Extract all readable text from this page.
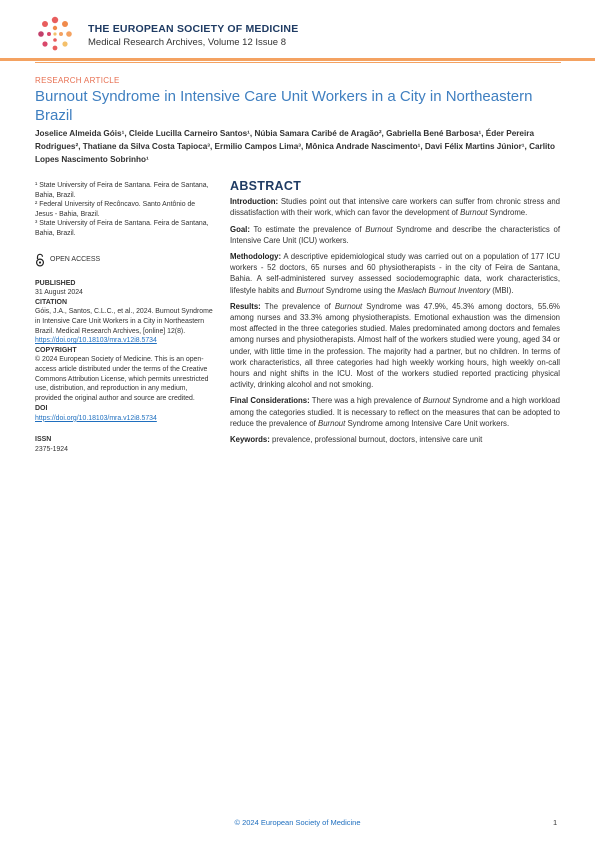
THE EUROPEAN SOCIETY OF MEDICINE
Medical Research Archives, Volume 12 Issue 8
RESEARCH ARTICLE
Burnout Syndrome in Intensive Care Unit Workers in a City in Northeastern Brazil
Joselice Almeida Góis¹, Cleide Lucilla Carneiro Santos¹, Núbia Samara Caribé de Aragão², Gabriella Bené Barbosa¹, Éder Pereira Rodrigues², Thatiane da Silva Costa Tapioca³, Ermilio Campos Lima³, Mônica Andrade Nascimento¹, Davi Félix Martins Júnior¹, Carlito Lopes Nascimento Sobrinho¹

¹ State University of Feira de Santana. Feira de Santana, Bahia, Brazil.

² Federal University of Recôncavo. Santo Antônio de Jesus - Bahia, Brazil.

³ State University of Feira de Santana. Feira de Santana, Bahia, Brazil.

OPEN ACCESS

PUBLISHED

31 August 2024

CITATION

Góis, J.A., Santos, C.L.C., et al., 2024. Burnout Syndrome in Intensive Care Unit Workers in a City in Northeastern Brazil. Medical Research Archives, [online] 12(8).

https://doi.org/10.18103/mra.v12i8.5734

COPYRIGHT

© 2024 European Society of Medicine. This is an open- access article distributed under the terms of the Creative Commons Attribution License, which permits unrestricted use, distribution, and reproduction in any medium, provided the original author and source are credited.

DOI

https://doi.org/10.18103/mra.v12i8.5734

ISSN

2375-1924

ABSTRACT

Introduction: Studies point out that intensive care workers can suffer from chronic stress and dissatisfaction with their work, which can favor the development of Burnout Syndrome.

Goal: To estimate the prevalence of Burnout Syndrome and describe the characteristics of Intensive Care Unit (ICU) workers.

Methodology: A descriptive epidemiological study was carried out on a population of 177 ICU workers - 52 doctors, 65 nurses and 60 physiotherapists - in the city of Feira de Santana, Bahia. A self-administered survey assessed sociodemographic data, work characteristics, lifestyle habits and Burnout Syndrome using the Maslach Burnout Inventory (MBI).

Results: The prevalence of Burnout Syndrome was 47.9%, 45.3% among doctors, 55.6% among nurses and 33.3% among physiotherapists. Emotional exhaustion was the dimension most affected in the three categories studied. Males predominated among doctors and females among nurses and physiotherapists. Almost half of the workers studied were young, aged 34 or under, with little time in the profession. The majority had a partner, but no children. In terms of work characteristics, all three categories had high weekly working hours, high weekly on-call hours and night shifts in the ICU. Most of the workers studied reported practicing physical activity, drinking alcohol and not smoking.

Final Considerations: There was a high prevalence of Burnout Syndrome and a high workload among the categories studied. It is necessary to reflect on the measures that can be adopted to reduce the prevalence of Burnout Syndrome among Intensive Care Unit workers.

Keywords: prevalence, professional burnout, doctors, intensive care unit

© 2024 European Society of Medicine	1
